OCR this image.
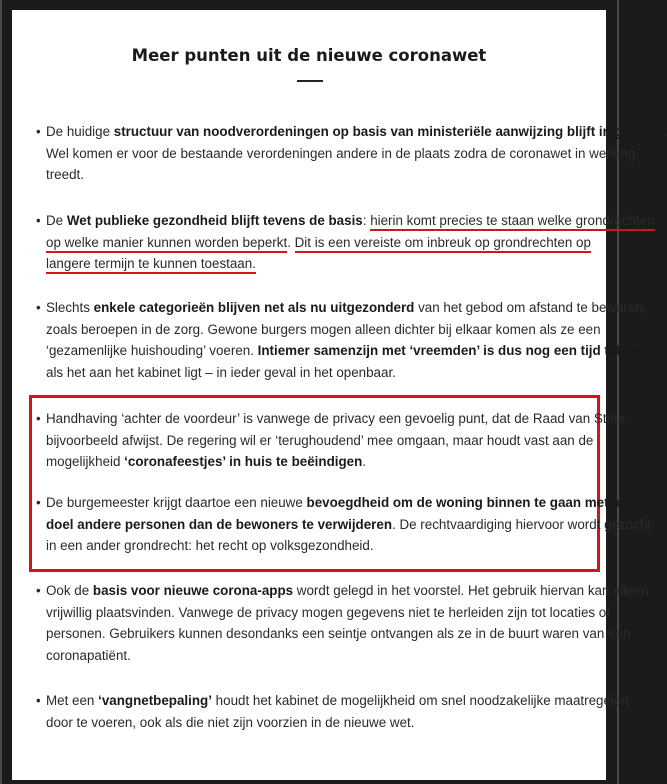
Meer punten uit de nieuwe coronawet
• De huidige structuur van noodverordeningen op basis van ministeriële aanwijzing blijft in gebruik.
Wel komen er voor de bestaande verordeningen andere in de plaats zodra de coronawet in werking
treedt.

• De Wet publieke gezondheid blijft tevens de basis: hierin komt precies te staan welke grondrechten
op welke manier kunnen worden beperkt. Dit is een vereiste om inbreuk op grondrechten op
langere termijn te kunnen toestaan.

• Slechts enkele categorieën blijven net als nu uitgezonderd van het gebod om afstand te bewaren,
zoals beroepen in de zorg. Gewone burgers mogen alleen dichter bij elkaar komen als ze een
‘gezamenlijke huishouding’ voeren. Intiemer samenzijn met ‘vreemden’ is dus nog een tijd taboe
als het aan het kabinet ligt – in ieder geval in het openbaar.

• Handhaving ‘achter de voordeur’ is vanwege de privacy een gevoelig punt, dat de Raad van State
bijvoorbeeld afwijst. De regering wil er ‘terughoudend’ mee omgaan, maar houdt vast aan de
mogelijkheid ‘coronafeestjes’ in huis te beëindigen.

• De burgemeester krijgt daartoe een nieuwe bevoegdheid om de woning binnen te gaan met als
doel andere personen dan de bewoners te verwijderen. De rechtvaardiging hiervoor wordt gezocht
in een ander grondrecht: het recht op volksgezondheid.

• Ook de basis voor nieuwe corona-apps wordt gelegd in het voorstel. Het gebruik hiervan kan alleen
vrijwillig plaatsvinden. Vanwege de privacy mogen gegevens niet te herleiden zijn tot locaties of
personen. Gebruikers kunnen desondanks een seintje ontvangen als ze in de buurt waren van een
coronapatiënt.

• Met een ‘vangnetbepaling’ houdt het kabinet de mogelijkheid om snel noodzakelijke maatregelen
door te voeren, ook als die niet zijn voorzien in de nieuwe wet.
